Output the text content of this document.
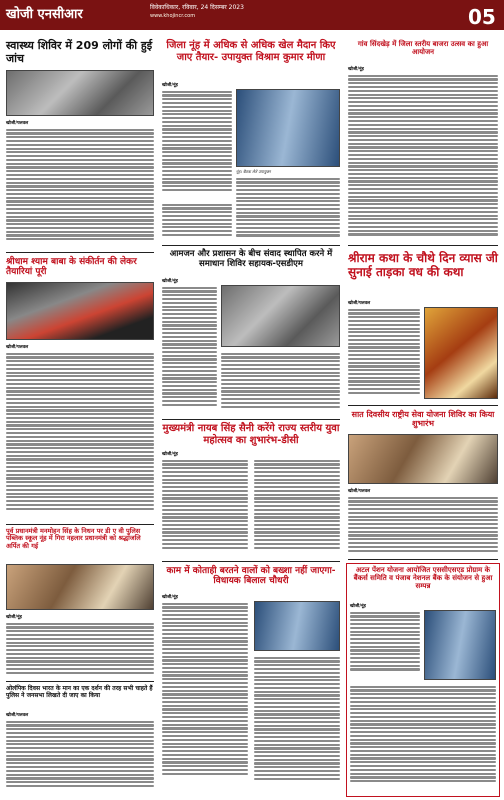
खोजी एनसीआर	विवेकाधिकार, रविवार, 24 दिसम्बर 2023
www.khojincr.com	05
स्वास्थ्य शिविर में 209 लोगों की हुई जांच
खोजी/पलवल
श्रीधाम श्याम बाबा के संकीर्तन की लेकर तैयारियां पूरी
खोजी/पलवल
पूर्व प्रधानमंत्री मनमोहन सिंह के निधन पर डी ए वी पुलिस पब्लिक स्कूल नूंह में गिरा नहलार प्रधानमंत्री को श्रद्धांजलि अर्पित की गई
खोजी/नूंह
ओलंपिक दिवस भारत के मान का एक दर्शन की तरह सभी चाहते हैं पुलिस ने जनसभा लिखते दी जाए का किया
खोजी/पलवल
जिला नूंह में अधिक से अधिक खेल मैदान किए जाए तैयार- उपायुक्त विश्राम कुमार मीणा
खोजी/नूंह
नूंह। बैठक लेते उपायुक्त
गांव सिंदखेड़ में जिला स्तरीय बाजरा उत्सव का हुआ आयोजन
खोजी/नूंह
आमजन और प्रशासन के बीच संवाद स्थापित करने में समाधान शिविर सहायक-एसडीएम
खोजी/नूंह
श्रीराम कथा के चौथे दिन व्यास जी सुनाई ताड़का वध की कथा
खोजी/पलवल
मुख्यमंत्री नायब सिंह सैनी करेंगे राज्य स्तरीय युवा महोत्सव का शुभारंभ-डीसी
खोजी/नूंह
सात दिवसीय राष्ट्रीय सेवा योजना शिविर का किया शुभारंभ
खोजी/पलवल
काम में कोताही बरतने वालों को बख्शा नहीं जाएगा-विधायक बिलाल चौधरी
खोजी/नूंह
अटल पेंशन योजना आयोजित एससीएसएड प्रोग्राम के बैंकर्स समिति व पंजाब नेशनल बैंक के संयोजन से हुआ सम्पन्न
खोजी/नूंह
